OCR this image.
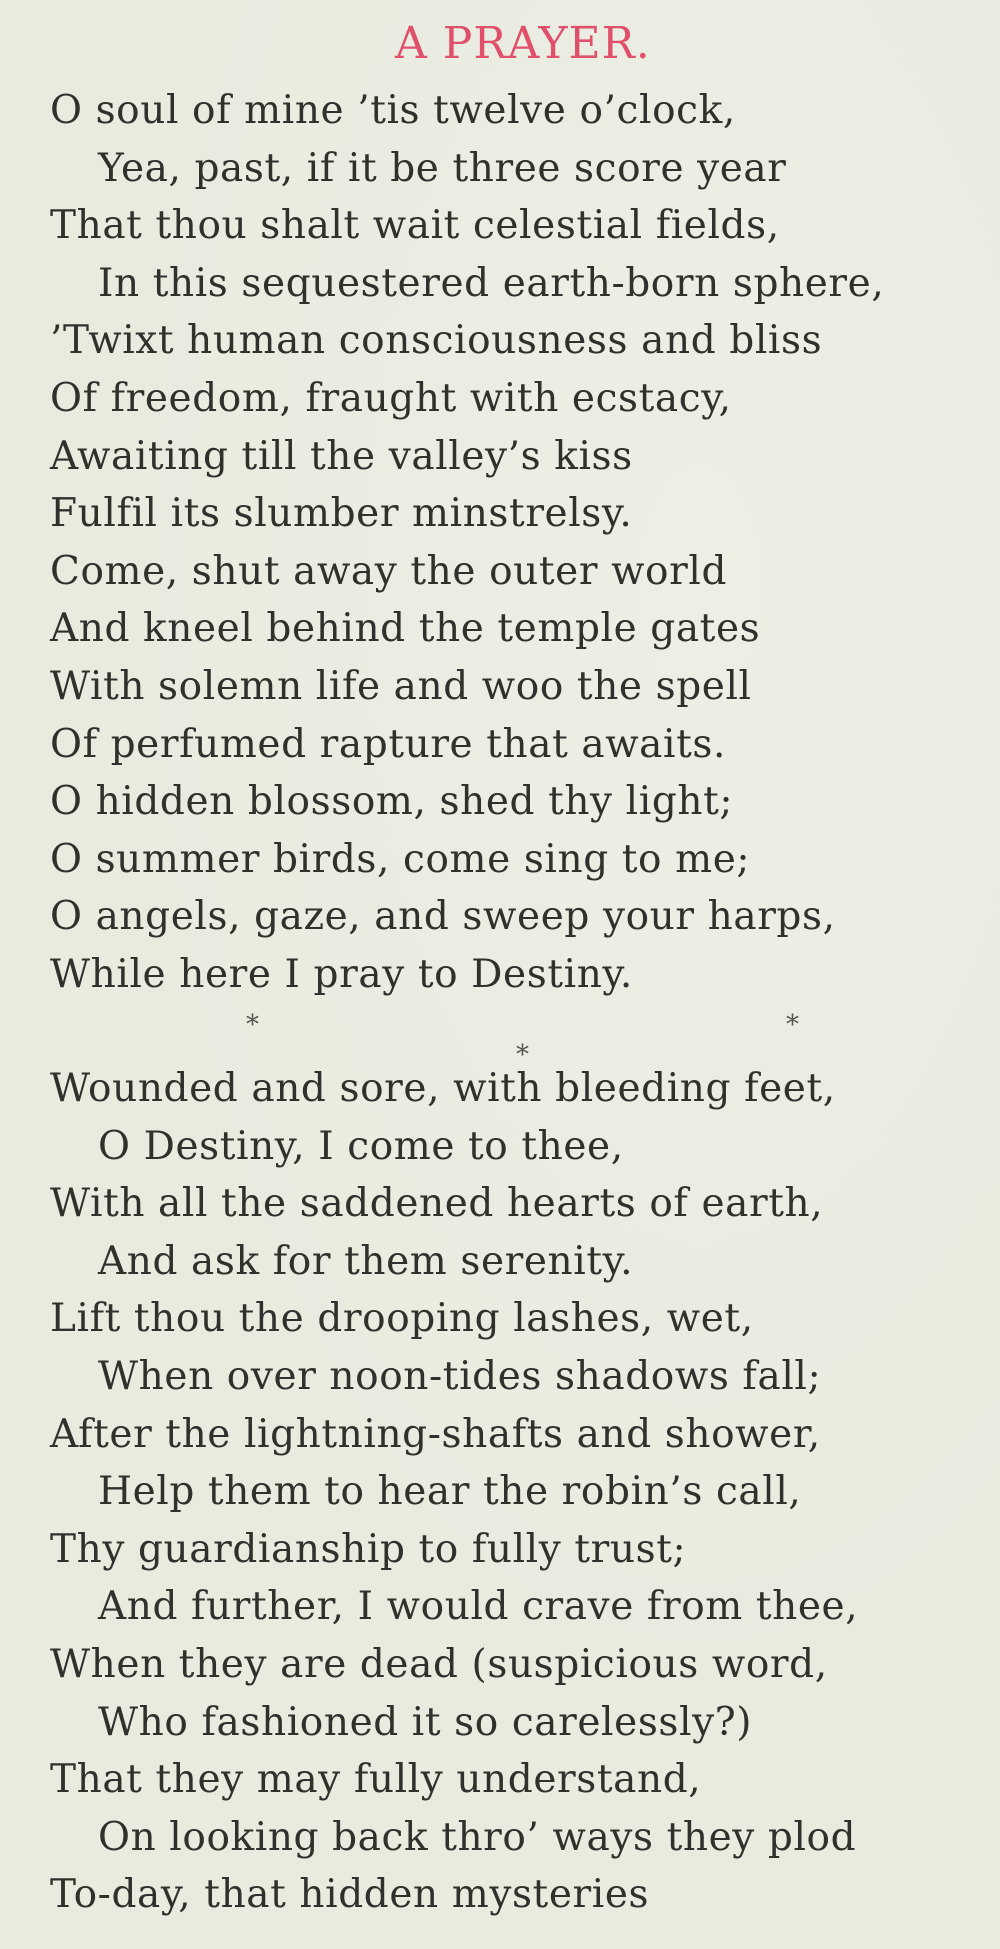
A PRAYER.
O soul of mine ’tis twelve o’clock,
Yea, past, if it be three score year
That thou shalt wait celestial fields,
In this sequestered earth-born sphere,
’Twixt human consciousness and bliss
Of freedom, fraught with ecstacy,
Awaiting till the valley’s kiss
Fulfil its slumber minstrelsy.
Come, shut away the outer world
And kneel behind the temple gates
With solemn life and woo the spell
Of perfumed rapture that awaits.
O hidden blossom, shed thy light;
O summer birds, come sing to me;
O angels, gaze, and sweep your harps,
While here I pray to Destiny.
*	*
*
Wounded and sore, with bleeding feet,
O Destiny, I come to thee,
With all the saddened hearts of earth,
And ask for them serenity.
Lift thou the drooping lashes, wet,
When over noon-tides shadows fall;
After the lightning-shafts and shower,
Help them to hear the robin’s call,
Thy guardianship to fully trust;
And further, I would crave from thee,
When they are dead (suspicious word,
Who fashioned it so carelessly?)
That they may fully understand,
On looking back thro’ ways they plod
To-day, that hidden mysteries
